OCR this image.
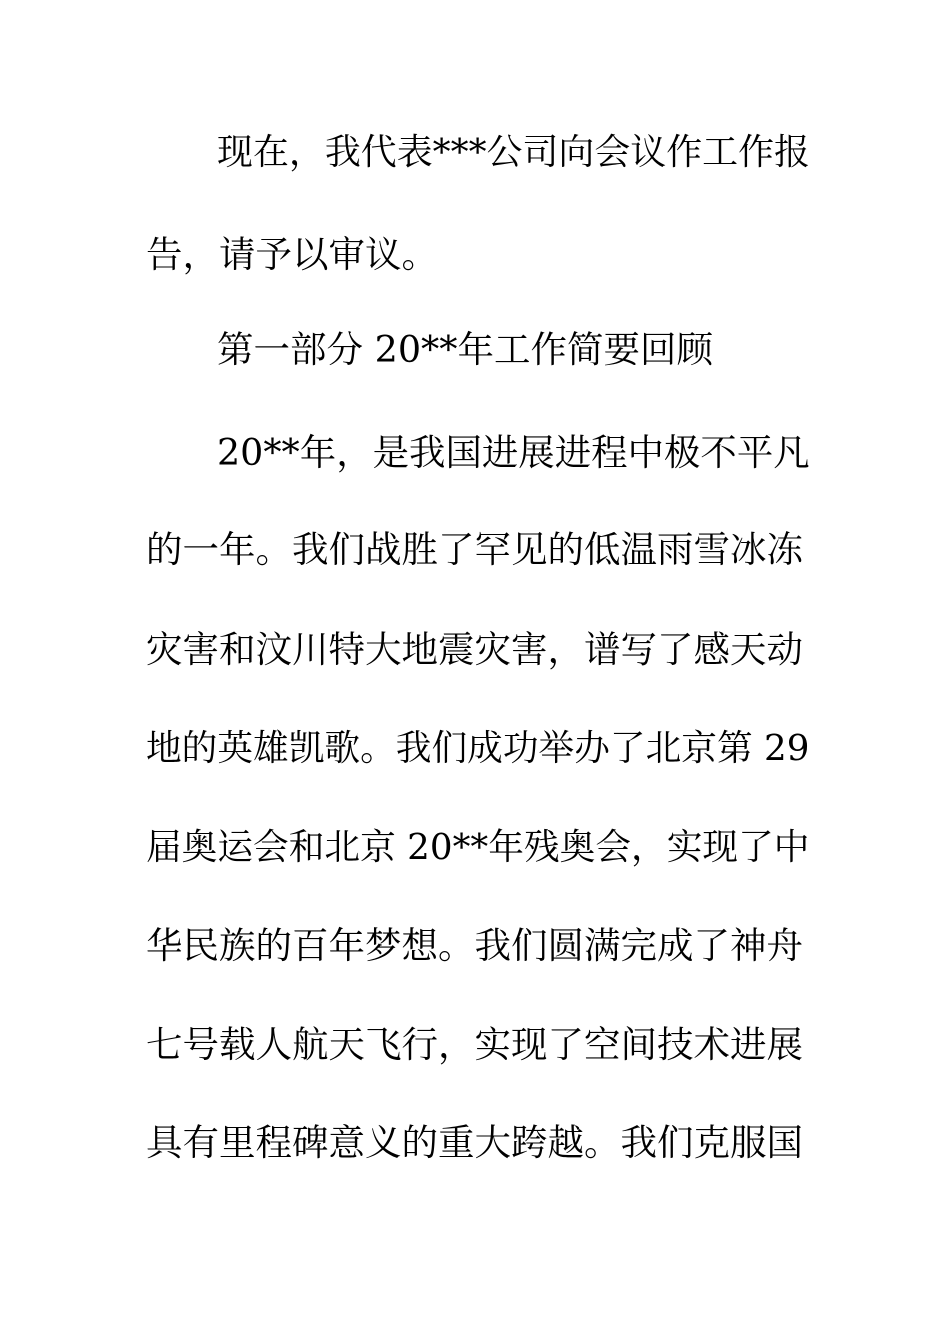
现在，我代表***公司向会议作工作报
告，请予以审议。
第一部分 20**年工作简要回顾
20**年，是我国进展进程中极不平凡
的一年。我们战胜了罕见的低温雨雪冰冻
灾害和汶川特大地震灾害，谱写了感天动
地的英雄凯歌。我们成功举办了北京第 29
届奥运会和北京 20**年残奥会，实现了中
华民族的百年梦想。我们圆满完成了神舟
七号载人航天飞行，实现了空间技术进展
具有里程碑意义的重大跨越。我们克服国
